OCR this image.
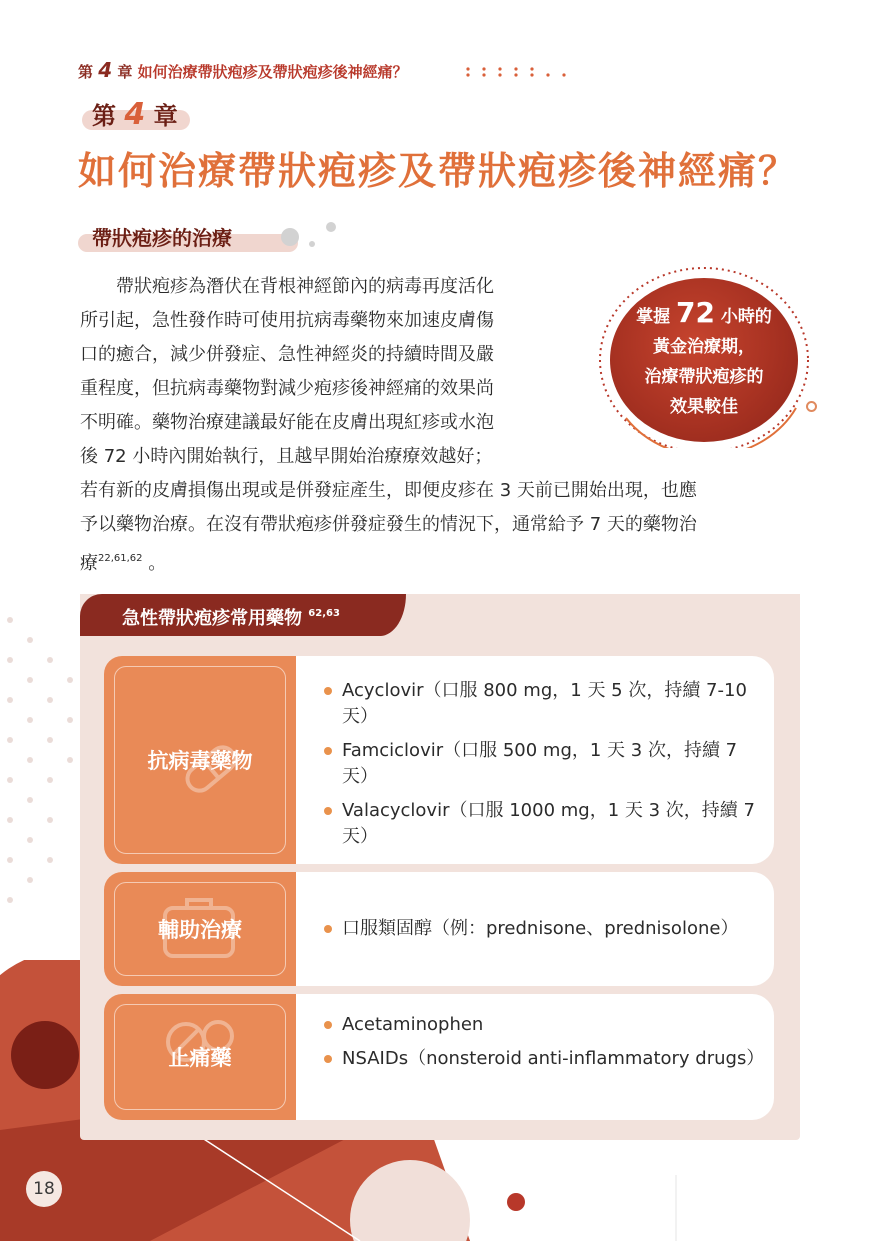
第 4 章 如何治療帶狀疱疹及帶狀疱疹後神經痛？
第 4 章
如何治療帶狀疱疹及帶狀疱疹後神經痛？
帶狀疱疹的治療
帶狀疱疹為潛伏在背根神經節內的病毒再度活化
所引起，急性發作時可使用抗病毒藥物來加速皮膚傷
口的癒合，減少併發症、急性神經炎的持續時間及嚴
重程度，但抗病毒藥物對減少疱疹後神經痛的效果尚
不明確。藥物治療建議最好能在皮膚出現紅疹或水泡
後 72 小時內開始執行，且越早開始治療療效越好；
若有新的皮膚損傷出現或是併發症產生，即便皮疹在 3 天前已開始出現，也應
予以藥物治療。在沒有帶狀疱疹併發症發生的情況下，通常給予 7 天的藥物治
療$^{22,61,62}$ 。
掌握 72 小時的
黃金治療期，
治療帶狀疱疹的
效果較佳
急性帶狀疱疹常用藥物 $^{62,63}$
抗病毒藥物
Acyclovir（口服 800 mg，1 天 5 次，持續 7-10 天）
Famciclovir（口服 500 mg，1 天 3 次，持續 7 天）
Valacyclovir（口服 1000 mg，1 天 3 次，持續 7 天）
輔助治療	口服類固醇（例：prednisone、prednisolone）
止痛藥
Acetaminophen
NSAIDs（nonsteroid anti-inflammatory drugs）
18
